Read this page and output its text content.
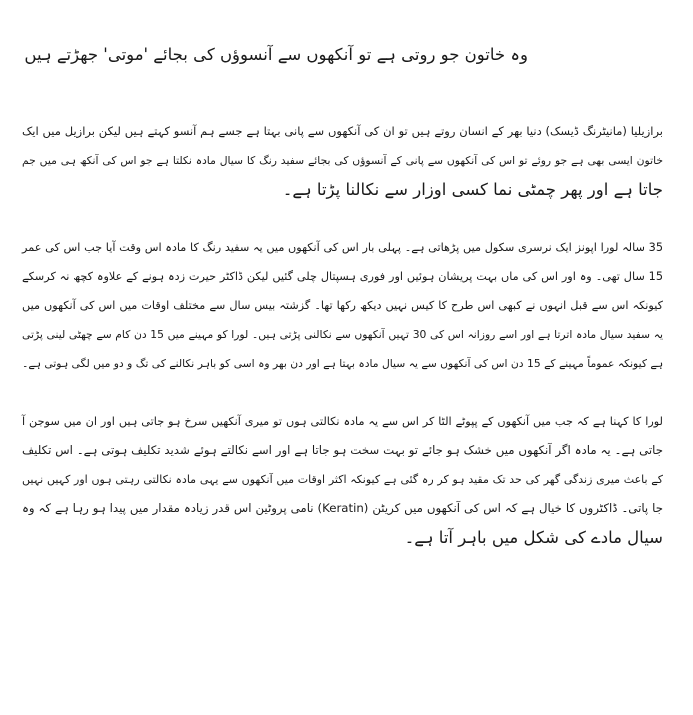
وہ خاتون جو روتی ہے تو آنکھوں سے آنسوؤں کی بجائے 'موتی' جھڑتے ہیں

برازیلیا (مانیٹرنگ ڈیسک) دنیا بھر کے انسان روتے ہیں تو ان کی آنکھوں سے پانی بہتا ہے جسے ہم آنسو کہتے ہیں لیکن برازیل میں ایک
خاتون ایسی بھی ہے جو روئے تو اس کی آنکھوں سے پانی کے آنسوؤں کی بجائے سفید رنگ کا سیال مادہ نکلتا ہے جو اس کی آنکھ ہی میں جم
جاتا ہے اور پھر چمٹی نما کسی اوزار سے نکالنا پڑتا ہے۔

35 سالہ لورا اپونز ایک نرسری سکول میں پڑھاتی ہے۔ پہلی بار اس کی آنکھوں میں یہ سفید رنگ کا مادہ اس وقت آیا جب اس کی عمر
15 سال تھی۔ وہ اور اس کی ماں بہت پریشان ہوئیں اور فوری ہسپتال چلی گئیں لیکن ڈاکٹر حیرت زدہ ہونے کے علاوہ کچھ نہ کرسکے
کیونکہ اس سے قبل انہوں نے کبھی اس طرح کا کیس نہیں دیکھ رکھا تھا۔ گزشتہ بیس سال سے مختلف اوقات میں اس کی آنکھوں میں
یہ سفید سیال مادہ اترتا ہے اور اسے روزانہ اس کی 30 تہیں آنکھوں سے نکالنی پڑتی ہیں۔ لورا کو مہینے میں 15 دن کام سے چھٹی لینی پڑتی
ہے کیونکہ عموماً مہینے کے 15 دن اس کی آنکھوں سے یہ سیال مادہ بہتا ہے اور دن بھر وہ اسی کو باہر نکالنے کی تگ و دو میں لگی ہوتی ہے۔

لورا کا کہنا ہے کہ جب میں آنکھوں کے پپوٹے الٹا کر اس سے یہ مادہ نکالتی ہوں تو میری آنکھیں سرخ ہو جاتی ہیں اور ان میں سوجن آ
جاتی ہے۔ یہ مادہ اگر آنکھوں میں خشک ہو جائے تو بہت سخت ہو جاتا ہے اور اسے نکالتے ہوئے شدید تکلیف ہوتی ہے۔ اس تکلیف
کے باعث میری زندگی گھر کی حد تک مقید ہو کر رہ گئی ہے کیونکہ اکثر اوقات میں آنکھوں سے یہی مادہ نکالتی رہتی ہوں اور کہیں نہیں
جا پاتی۔ ڈاکٹروں کا خیال ہے کہ اس کی آنکھوں میں کریٹن (Keratin) نامی پروٹین اس قدر زیادہ مقدار میں پیدا ہو رہا ہے کہ وہ
سیال مادے کی شکل میں باہر آتا ہے۔
